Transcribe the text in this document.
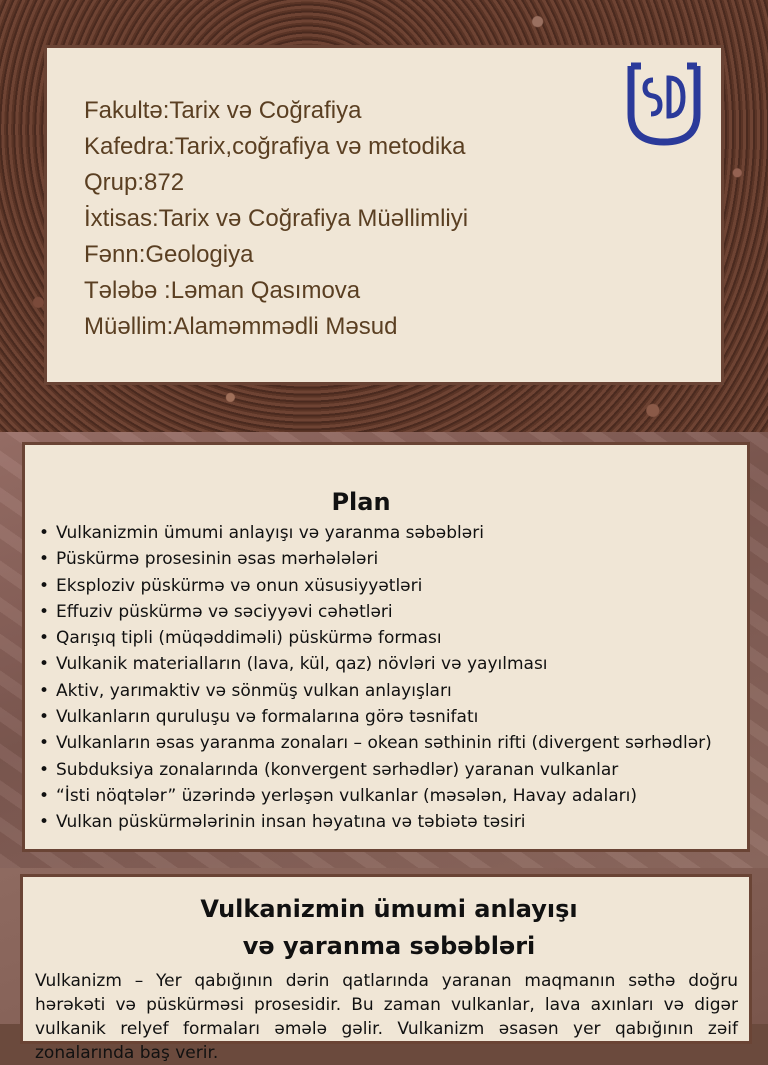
Fakultə:Tarix və Coğrafiya
Kafedra:Tarix,coğrafiya və metodika
Qrup:872
İxtisas:Tarix və Coğrafiya Müəllimliyi
Fənn:Geologiya
Tələbə :Ləman Qasımova
Müəllim:Alaməmmədli Məsud
Plan
• Vulkanizmin ümumi anlayışı və yaranma səbəbləri
• Püskürmə prosesinin əsas mərhələləri
• Eksploziv püskürmə və onun xüsusiyyətləri
• Effuziv püskürmə və səciyyəvi cəhətləri
• Qarışıq tipli (müqəddiməli) püskürmə forması
• Vulkanik materialların (lava, kül, qaz) növləri və yayılması
• Aktiv, yarımaktiv və sönmüş vulkan anlayışları
• Vulkanların quruluşu və formalarına görə təsnifatı
• Vulkanların əsas yaranma zonaları – okean səthinin rifti (divergent sərhədlər)
• Subduksiya zonalarında (konvergent sərhədlər) yaranan vulkanlar
• “İsti nöqtələr” üzərində yerləşən vulkanlar (məsələn, Havay adaları)
• Vulkan püskürmələrinin insan həyatına və təbiətə təsiri
Vulkanizmin ümumi anlayışı
və yaranma səbəbləri

Vulkanizm – Yer qabığının dərin qatlarında yaranan maqmanın səthə doğru hərəkəti və püskürməsi prosesidir. Bu zaman vulkanlar, lava axınları və digər vulkanik relyef formaları əmələ gəlir. Vulkanizm əsasən yer qabığının zəif zonalarında baş verir.
